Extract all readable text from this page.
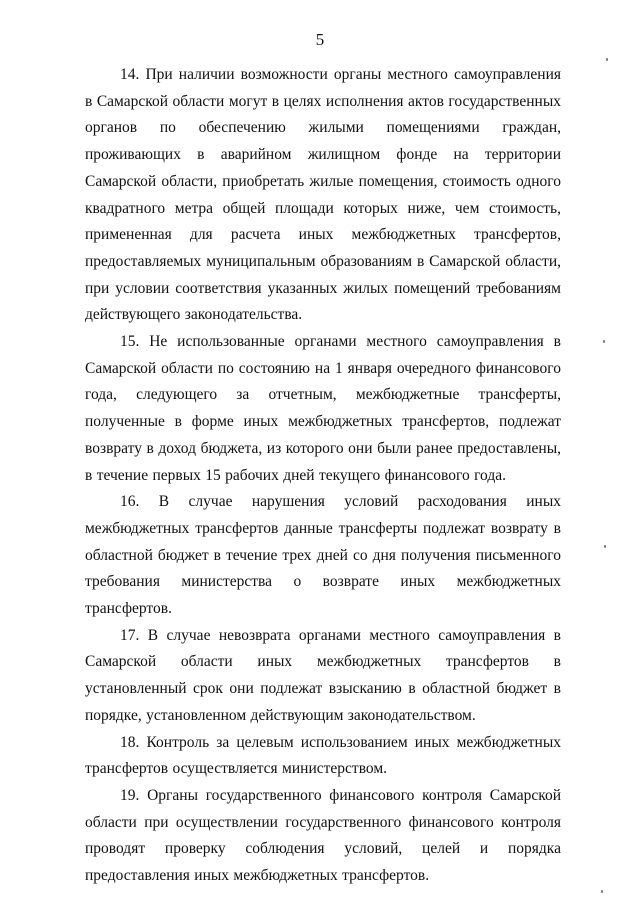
5

14. При наличии возможности органы местного самоуправления в Самарской области могут в целях исполнения актов государственных органов по обеспечению жилыми помещениями граждан, проживающих в аварийном жилищном фонде на территории Самарской области, приобретать жилые помещения, стоимость одного квадратного метра общей площади которых ниже, чем стоимость, примененная для расчета иных межбюджетных трансфертов, предоставляемых муниципальным образованиям в Самарской области, при условии соответствия указанных жилых помещений требованиям действующего законодательства.

15. Не использованные органами местного самоуправления в Самарской области по состоянию на 1 января очередного финансового года, следующего за отчетным, межбюджетные трансферты, полученные в форме иных межбюджетных трансфертов, подлежат возврату в доход бюджета, из которого они были ранее предоставлены, в течение первых 15 рабочих дней текущего финансового года.

16. В случае нарушения условий расходования иных межбюджетных трансфертов данные трансферты подлежат возврату в областной бюджет в течение трех дней со дня получения письменного требования министерства о возврате иных межбюджетных трансфертов.

17. В случае невозврата органами местного самоуправления в Самарской области иных межбюджетных трансфертов в установленный срок они подлежат взысканию в областной бюджет в порядке, установленном действующим законодательством.

18. Контроль за целевым использованием иных межбюджетных трансфертов осуществляется министерством.

19. Органы государственного финансового контроля Самарской области при осуществлении государственного финансового контроля проводят проверку соблюдения условий, целей и порядка предоставления иных межбюджетных трансфертов.
